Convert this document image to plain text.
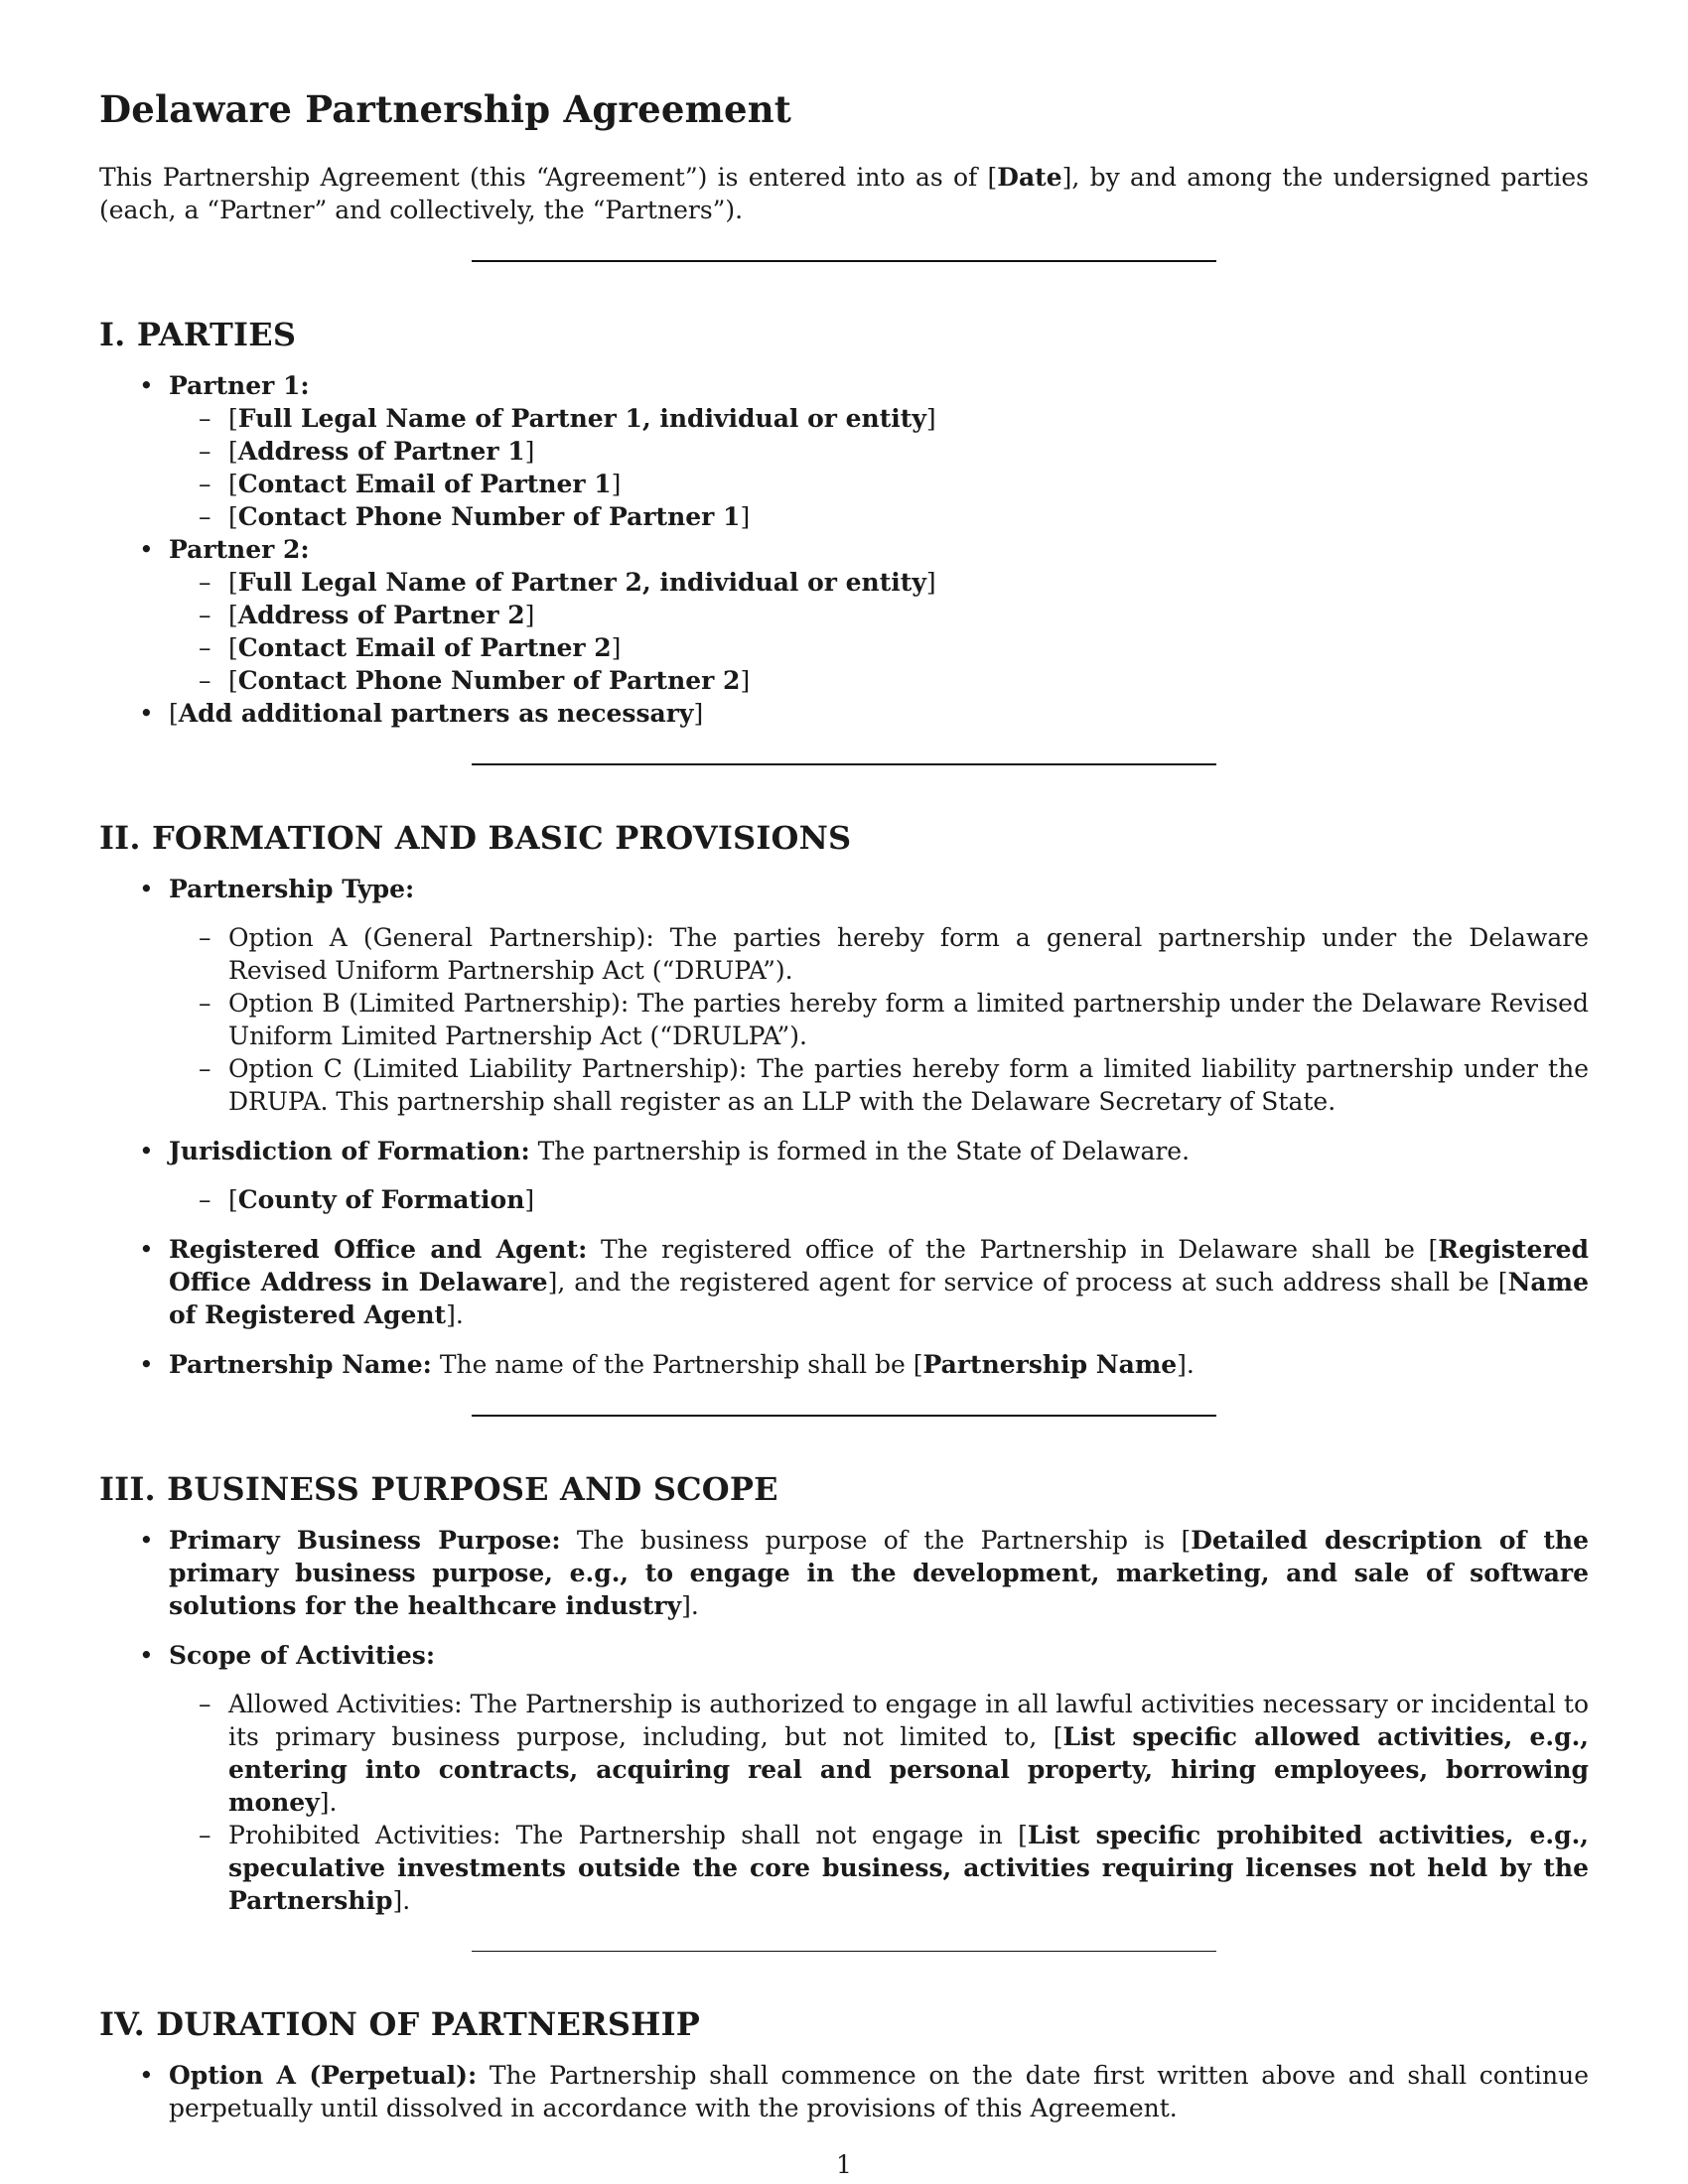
Delaware Partnership Agreement

This Partnership Agreement (this “Agreement”) is entered into as of [Date], by and among the undersigned parties (each, a “Partner” and collectively, the “Partners”).

I. PARTIES
• Partner 1:
– [Full Legal Name of Partner 1, individual or entity]
– [Address of Partner 1]
– [Contact Email of Partner 1]
– [Contact Phone Number of Partner 1]
• Partner 2:
– [Full Legal Name of Partner 2, individual or entity]
– [Address of Partner 2]
– [Contact Email of Partner 2]
– [Contact Phone Number of Partner 2]
• [Add additional partners as necessary]
II. FORMATION AND BASIC PROVISIONS
• Partnership Type:
– Option A (General Partnership): The parties hereby form a general partnership under the Delaware Revised Uniform Partnership Act (“DRUPA”).
– Option B (Limited Partnership): The parties hereby form a limited partnership under the Delaware Revised Uniform Limited Partnership Act (“DRULPA”).
– Option C (Limited Liability Partnership): The parties hereby form a limited liability partnership under the DRUPA. This partnership shall register as an LLP with the Delaware Secretary of State.
• Jurisdiction of Formation: The partnership is formed in the State of Delaware.
– [County of Formation]
• Registered Office and Agent: The registered office of the Partnership in Delaware shall be [Registered Office Address in Delaware], and the registered agent for service of process at such address shall be [Name of Registered Agent].
• Partnership Name: The name of the Partnership shall be [Partnership Name].
III. BUSINESS PURPOSE AND SCOPE
• Primary Business Purpose: The business purpose of the Partnership is [Detailed description of the primary business purpose, e.g., to engage in the development, marketing, and sale of software solutions for the healthcare industry].
• Scope of Activities:
– Allowed Activities: The Partnership is authorized to engage in all lawful activities necessary or incidental to its primary business purpose, including, but not limited to, [List specific allowed activities, e.g., entering into contracts, acquiring real and personal property, hiring employees, borrowing money].
– Prohibited Activities: The Partnership shall not engage in [List specific prohibited activities, e.g., speculative investments outside the core business, activities requiring licenses not held by the Partnership].
IV. DURATION OF PARTNERSHIP
• Option A (Perpetual): The Partnership shall commence on the date first written above and shall continue perpetually until dissolved in accordance with the provisions of this Agreement.
1
